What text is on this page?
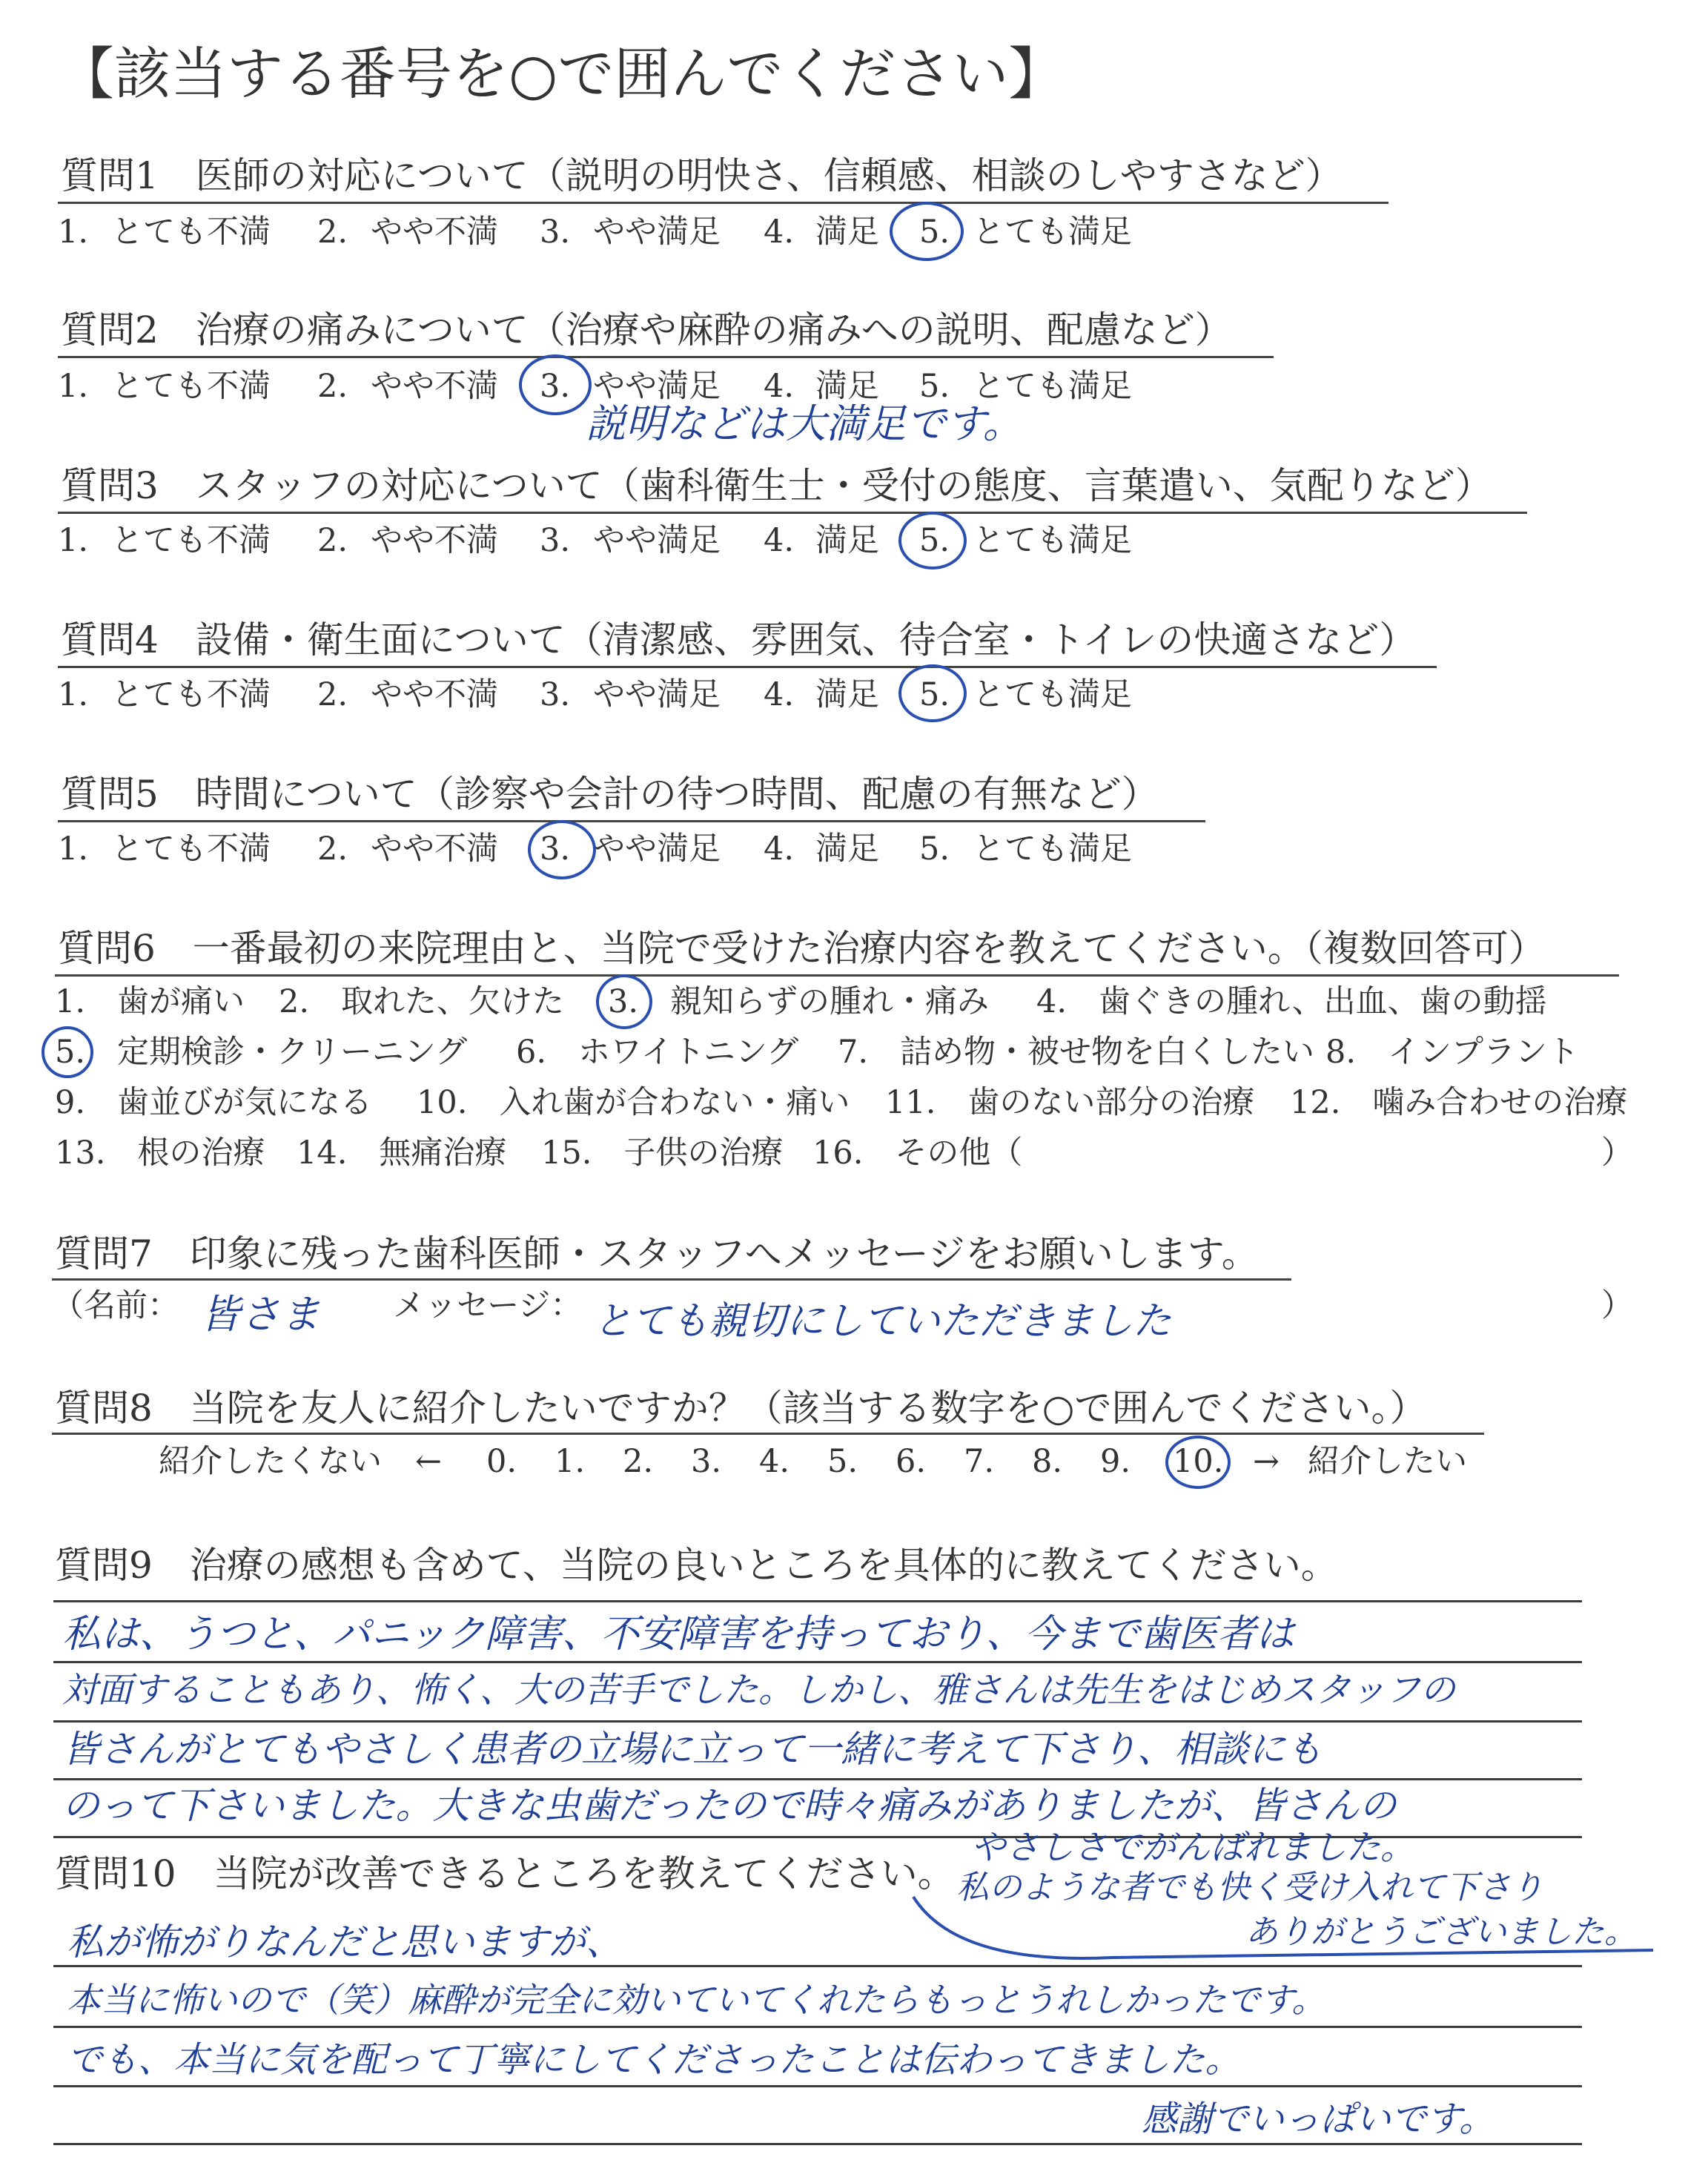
【該当する番号を○で囲んでください】
質問1　医師の対応について（説明の明快さ、信頼感、相談のしやすさなど）
1. とても不満 2. やや不満 3. やや満足 4. 満足 5. とても満足
質問2　治療の痛みについて（治療や麻酔の痛みへの説明、配慮など）
1. とても不満 2. やや不満 3. やや満足 4. 満足 5. とても満足
説明などは大満足です。
質問3　スタッフの対応について（歯科衛生士・受付の態度、言葉遣い、気配りなど）
1. とても不満 2. やや不満 3. やや満足 4. 満足 5. とても満足
質問4　設備・衛生面について（清潔感、雰囲気、待合室・トイレの快適さなど）
1. とても不満 2. やや不満 3. やや満足 4. 満足 5. とても満足
質問5　時間について（診察や会計の待つ時間、配慮の有無など）
1. とても不満 2. やや不満 3. やや満足 4. 満足 5. とても満足
質問6　一番最初の来院理由と、当院で受けた治療内容を教えてください。（複数回答可）
1.　歯が痛い 2.　取れた、欠けた 3.　親知らずの腫れ・痛み 4.　歯ぐきの腫れ、出血、歯の動揺
5.　定期検診・クリーニング 6.　ホワイトニング 7.　詰め物・被せ物を白くしたい 8.　インプラント
9.　歯並びが気になる 10.　入れ歯が合わない・痛い 11.　歯のない部分の治療 12.　噛み合わせの治療
13.　根の治療 14.　無痛治療 15.　子供の治療 16.　その他（	）
質問7　印象に残った歯科医師・スタッフへメッセージをお願いします。
（名前： 皆さま メッセージ： とても親切にしていただきました	）
質問8　当院を友人に紹介したいですか？（該当する数字を○で囲んでください。）
紹介したくない ← 0. 1. 2. 3. 4. 5. 6. 7. 8. 9. 10. → 紹介したい
質問9　治療の感想も含めて、当院の良いところを具体的に教えてください。
私は、うつと、パニック障害、不安障害を持っており、今まで歯医者は
対面することもあり、怖く、大の苦手でした。しかし、雅さんは先生をはじめスタッフの
皆さんがとてもやさしく患者の立場に立って一緒に考えて下さり、相談にも
のって下さいました。大きな虫歯だったので時々痛みがありましたが、皆さんの
質問10　当院が改善できるところを教えてください。
やさしさでがんばれました。
私のような者でも快く受け入れて下さり
ありがとうございました。
私が怖がりなんだと思いますが、
本当に怖いので（笑）麻酔が完全に効いていてくれたらもっとうれしかったです。
でも、本当に気を配って丁寧にしてくださったことは伝わってきました。
感謝でいっぱいです。
